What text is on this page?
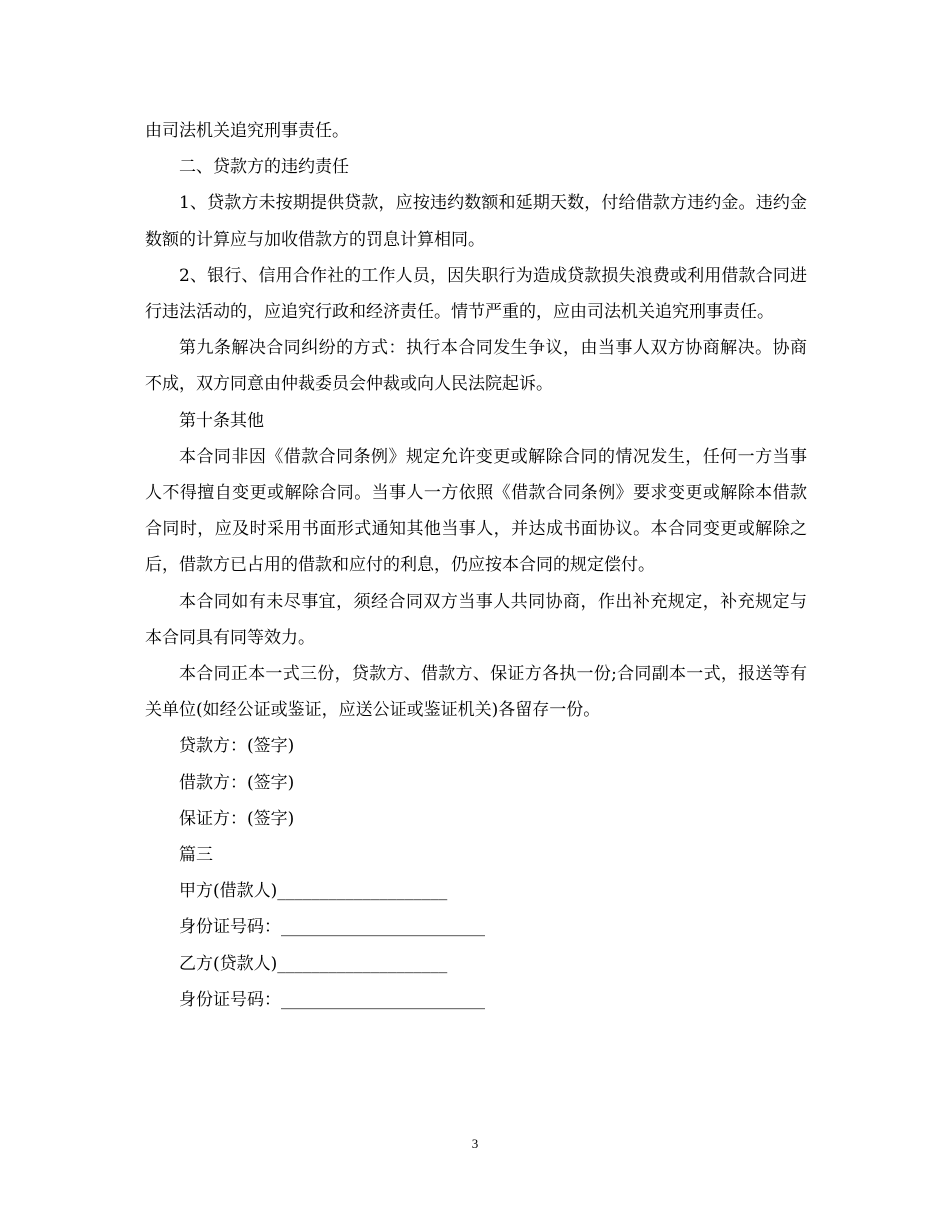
由司法机关追究刑事责任。

二、贷款方的违约责任

1、贷款方未按期提供贷款，应按违约数额和延期天数，付给借款方违约金。违约金数额的计算应与加收借款方的罚息计算相同。

2、银行、信用合作社的工作人员，因失职行为造成贷款损失浪费或利用借款合同进行违法活动的，应追究行政和经济责任。情节严重的，应由司法机关追究刑事责任。

第九条解决合同纠纷的方式：执行本合同发生争议，由当事人双方协商解决。协商不成，双方同意由仲裁委员会仲裁或向人民法院起诉。

第十条其他

本合同非因《借款合同条例》规定允许变更或解除合同的情况发生，任何一方当事人不得擅自变更或解除合同。当事人一方依照《借款合同条例》要求变更或解除本借款合同时，应及时采用书面形式通知其他当事人，并达成书面协议。本合同变更或解除之后，借款方已占用的借款和应付的利息，仍应按本合同的规定偿付。

本合同如有未尽事宜，须经合同双方当事人共同协商，作出补充规定，补充规定与本合同具有同等效力。

本合同正本一式三份，贷款方、借款方、保证方各执一份;合同副本一式，报送等有关单位(如经公证或鉴证，应送公证或鉴证机关)各留存一份。

贷款方：(签字)

借款方：(签字)

保证方：(签字)

篇三

甲方(借款人)____________________

身份证号码：________________________

乙方(贷款人)____________________

身份证号码：________________________

3
